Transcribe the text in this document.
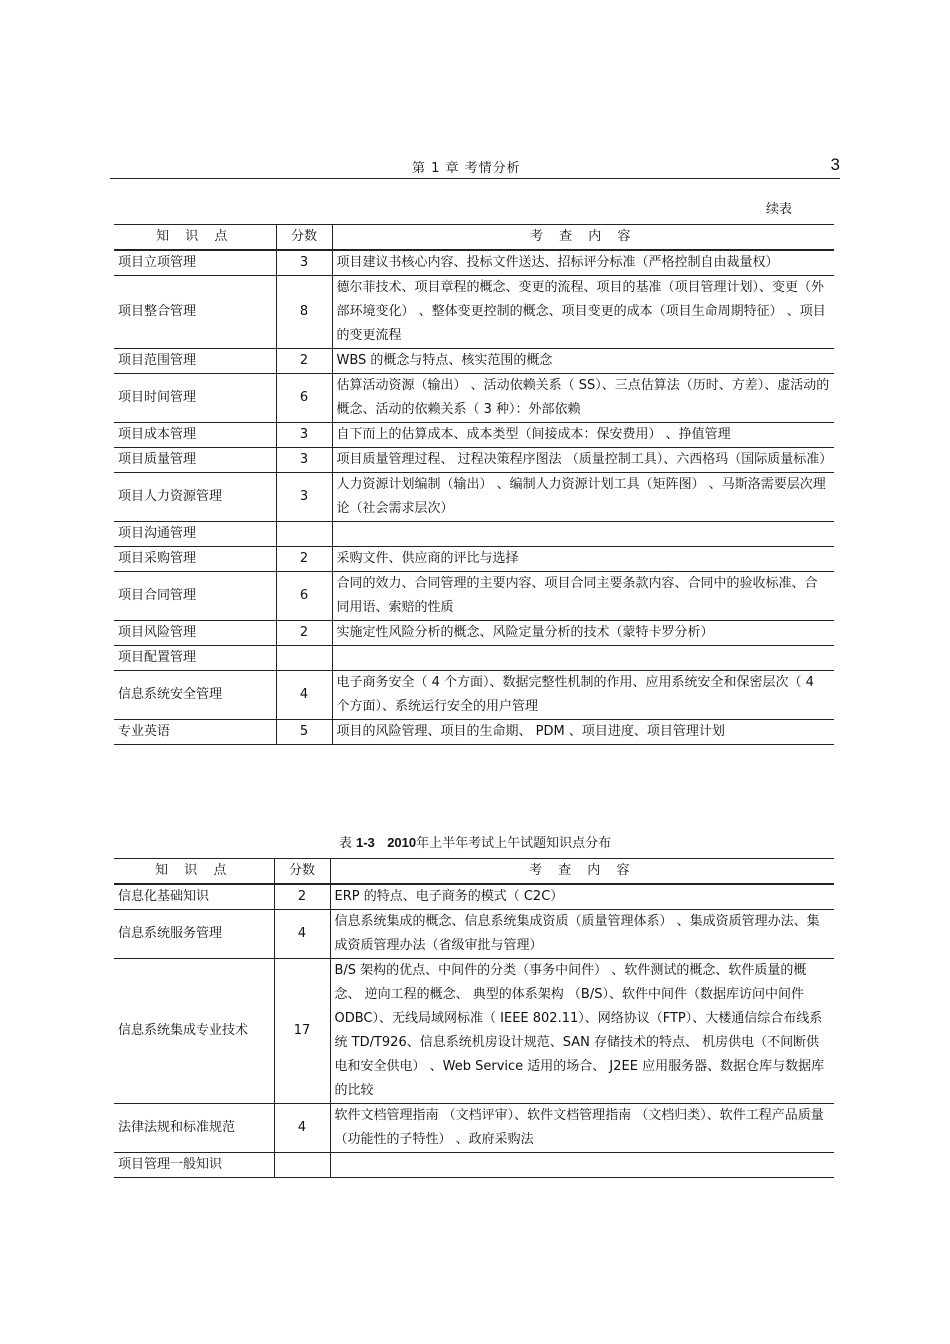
第 1 章 考情分析	3
续表
知 识 点	分数	考 查 内 容
项目立项管理	3	项目建议书核心内容、投标文件送达、招标评分标准（严格控制自由裁量权）
项目整合管理	8	德尔菲技术、项目章程的概念、变更的流程、项目的基准（项目管理计划）、变更（外部环境变化） 、整体变更控制的概念、项目变更的成本（项目生命周期特征） 、项目的变更流程
项目范围管理	2	WBS 的概念与特点、核实范围的概念
项目时间管理	6	估算活动资源（输出） 、活动依赖关系（ SS）、三点估算法（历时、方差）、虚活动的概念、活动的依赖关系（ 3 种）：外部依赖
项目成本管理	3	自下而上的估算成本、成本类型（间接成本：保安费用） 、挣值管理
项目质量管理	3	项目质量管理过程、 过程决策程序图法 （质量控制工具）、六西格玛（国际质量标准）
项目人力资源管理	3	人力资源计划编制（输出） 、编制人力资源计划工具（矩阵图） 、马斯洛需要层次理论（社会需求层次）
项目沟通管理		
项目采购管理	2	采购文件、供应商的评比与选择
项目合同管理	6	合同的效力、合同管理的主要内容、项目合同主要条款内容、合同中的验收标准、合同用语、索赔的性质
项目风险管理	2	实施定性风险分析的概念、风险定量分析的技术（蒙特卡罗分析）
项目配置管理		
信息系统安全管理	4	电子商务安全（ 4 个方面）、数据完整性机制的作用、应用系统安全和保密层次（ 4 个方面）、系统运行安全的用户管理
专业英语	5	项目的风险管理、项目的生命期、 PDM 、项目进度、项目管理计划
表 1-3 2010年上半年考试上午试题知识点分布
知 识 点	分数	考 查 内 容
信息化基础知识	2	ERP 的特点、电子商务的模式（ C2C）
信息系统服务管理	4	信息系统集成的概念、信息系统集成资质（质量管理体系） 、集成资质管理办法、集成资质管理办法（省级审批与管理）
信息系统集成专业技术	17	B/S 架构的优点、中间件的分类（事务中间件） 、软件测试的概念、软件质量的概念、 逆向工程的概念、 典型的体系架构 （B/S）、软件中间件（数据库访问中间件 ODBC）、无线局域网标准（ IEEE 802.11）、网络协议（FTP）、大楼通信综合布线系统 TD/T926、信息系统机房设计规范、SAN 存储技术的特点、 机房供电（不间断供电和安全供电） 、Web Service 适用的场合、 J2EE 应用服务器、数据仓库与数据库的比较
法律法规和标准规范	4	软件文档管理指南 （文档评审）、软件文档管理指南 （文档归类）、软件工程产品质量（功能性的子特性） 、政府采购法
项目管理一般知识		
